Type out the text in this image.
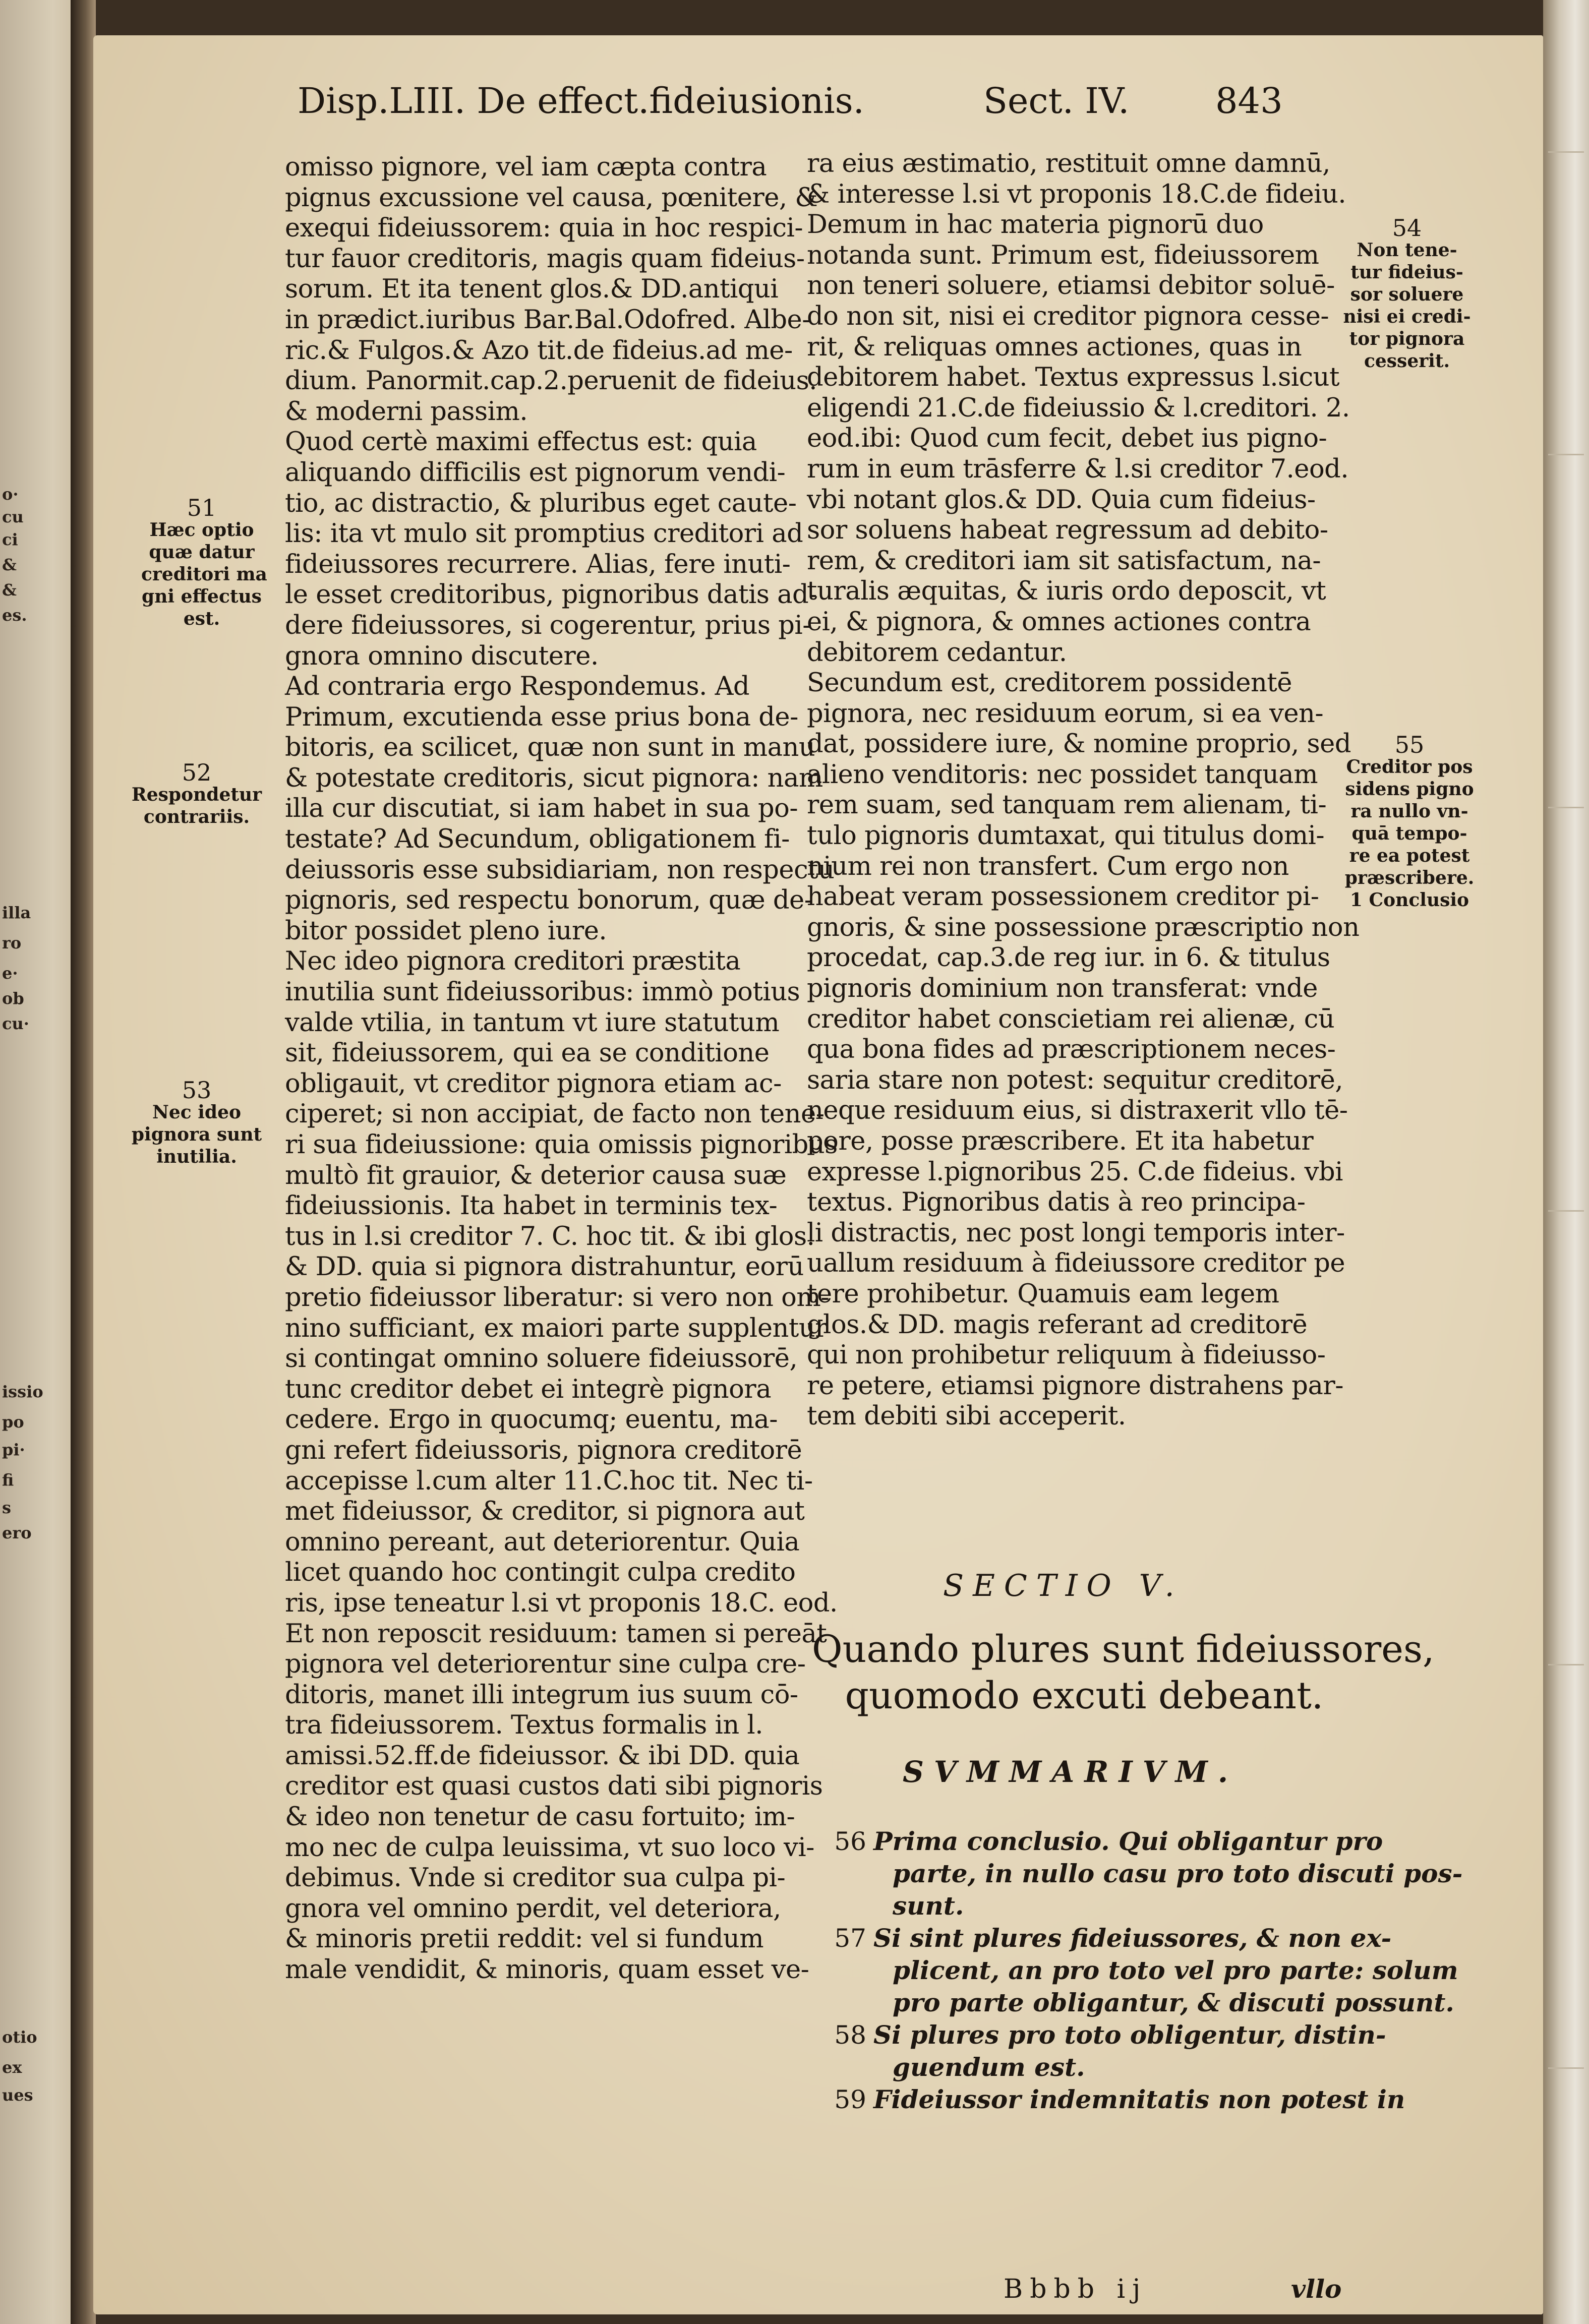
o·
cu
ci
&
&
es.
illa
ro
e·
ob
cu·
issio
po
pi·
fi
s
ero
otio
ex
ues
Disp.LIII. De effect.fideiusionis.	Sect. IV. 843
omisso pignore, vel iam cæpta contra
pignus excussione vel causa, pœnitere, &
exequi fideiussorem: quia in hoc respici-
tur fauor creditoris, magis quam fideius-
sorum. Et ita tenent glos.& DD.antiqui
in prædict.iuribus Bar.Bal.Odofred. Albe-
ric.& Fulgos.& Azo tit.de fideius.ad me-
dium. Panormit.cap.2.peruenit de fideius.
& moderni passim.
Quod certè maximi effectus est: quia
aliquando difficilis est pignorum vendi-
tio, ac distractio, & pluribus eget caute-
lis: ita vt mulo sit promptius creditori ad
fideiussores recurrere. Alias, fere inuti-
le esset creditoribus, pignoribus datis ad-
dere fideiussores, si cogerentur, prius pi-
gnora omnino discutere.
Ad contraria ergo Respondemus. Ad
Primum, excutienda esse prius bona de-
bitoris, ea scilicet, quæ non sunt in manu
& potestate creditoris, sicut pignora: nam
illa cur discutiat, si iam habet in sua po-
testate? Ad Secundum, obligationem fi-
deiussoris esse subsidiariam, non respectu
pignoris, sed respectu bonorum, quæ de-
bitor possidet pleno iure.
Nec ideo pignora creditori præstita
inutilia sunt fideiussoribus: immò potius
valde vtilia, in tantum vt iure statutum
sit, fideiussorem, qui ea se conditione
obligauit, vt creditor pignora etiam ac-
ciperet; si non accipiat, de facto non tene-
ri sua fideiussione: quia omissis pignoribus
multò fit grauior, & deterior causa suæ
fideiussionis. Ita habet in terminis tex-
tus in l.si creditor 7. C. hoc tit. & ibi glos.
& DD. quia si pignora distrahuntur, eorū
pretio fideiussor liberatur: si vero non om-
nino sufficiant, ex maiori parte supplentur
si contingat omnino soluere fideiussorē,
tunc creditor debet ei integrè pignora
cedere. Ergo in quocumq; euentu, ma-
gni refert fideiussoris, pignora creditorē
accepisse l.cum alter 11.C.hoc tit. Nec ti-
met fideiussor, & creditor, si pignora aut
omnino pereant, aut deteriorentur. Quia
licet quando hoc contingit culpa credito
ris, ipse teneatur l.si vt proponis 18.C. eod.
Et non reposcit residuum: tamen si pereāt
pignora vel deteriorentur sine culpa cre-
ditoris, manet illi integrum ius suum cō-
tra fideiussorem. Textus formalis in l.
amissi.52.ff.de fideiussor. & ibi DD. quia
creditor est quasi custos dati sibi pignoris
& ideo non tenetur de casu fortuito; im-
mo nec de culpa leuissima, vt suo loco vi-
debimus. Vnde si creditor sua culpa pi-
gnora vel omnino perdit, vel deteriora,
& minoris pretii reddit: vel si fundum
male vendidit, & minoris, quam esset ve-
ra eius æstimatio, restituit omne damnū,
& interesse l.si vt proponis 18.C.de fideiu.
Demum in hac materia pignorū duo
notanda sunt. Primum est, fideiussorem
non teneri soluere, etiamsi debitor soluē-
do non sit, nisi ei creditor pignora cesse-
rit, & reliquas omnes actiones, quas in
debitorem habet. Textus expressus l.sicut
eligendi 21.C.de fideiussio & l.creditori. 2.
eod.ibi: Quod cum fecit, debet ius pigno-
rum in eum trāsferre & l.si creditor 7.eod.
vbi notant glos.& DD. Quia cum fideius-
sor soluens habeat regressum ad debito-
rem, & creditori iam sit satisfactum, na-
turalis æquitas, & iuris ordo deposcit, vt
ei, & pignora, & omnes actiones contra
debitorem cedantur.
Secundum est, creditorem possidentē
pignora, nec residuum eorum, si ea ven-
dat, possidere iure, & nomine proprio, sed
alieno venditoris: nec possidet tanquam
rem suam, sed tanquam rem alienam, ti-
tulo pignoris dumtaxat, qui titulus domi-
nium rei non transfert. Cum ergo non
habeat veram possessionem creditor pi-
gnoris, & sine possessione præscriptio non
procedat, cap.3.de reg iur. in 6. & titulus
pignoris dominium non transferat: vnde
creditor habet conscietiam rei alienæ, cū
qua bona fides ad præscriptionem neces-
saria stare non potest: sequitur creditorē,
neque residuum eius, si distraxerit vllo tē-
pore, posse præscribere. Et ita habetur
expresse l.pignoribus 25. C.de fideius. vbi
textus. Pignoribus datis à reo principa-
li distractis, nec post longi temporis inter-
uallum residuum à fideiussore creditor pe
tere prohibetur. Quamuis eam legem
glos.& DD. magis referant ad creditorē
qui non prohibetur reliquum à fideiusso-
re petere, etiamsi pignore distrahens par-
tem debiti sibi acceperit.
51
Hæc optio
quæ datur
creditori ma
gni effectus
est.
52
Respondetur
contrariis.
53
Nec ideo
pignora sunt
inutilia.
54
Non tene-
tur fideius-
sor soluere
nisi ei credi-
tor pignora
cesserit.
55
Creditor pos
sidens pigno
ra nullo vn-
quā tempo-
re ea potest
præscribere.
1 Conclusio
SECTIO V.
Quando plures sunt fideiussores,
quomodo excuti debeant.
SVMMARIVM.
56 Prima conclusio. Qui obligantur pro
parte, in nullo casu pro toto discuti pos-
sunt.
57 Si sint plures fideiussores, & non ex-
plicent, an pro toto vel pro parte: solum
pro parte obligantur, & discuti possunt.
58 Si plures pro toto obligentur, distin-
guendum est.
59 Fideiussor indemnitatis non potest in
Bbbb ij	vllo
